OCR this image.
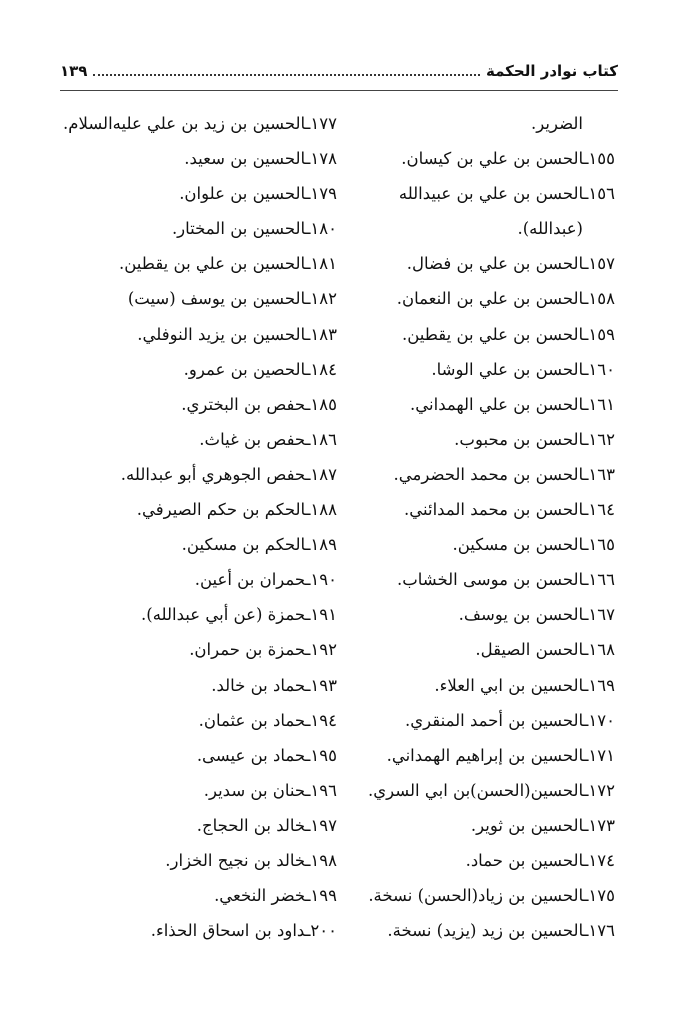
كتاب نوادر الحكمة
١٣٩
الضرير.
١٥٥ـالحسن بن علي بن كيسان.
١٥٦ـالحسن بن علي بن عبيدالله
(عبدالله).
١٥٧ـالحسن بن علي بن فضال.
١٥٨ـالحسن بن علي بن النعمان.
١٥٩ـالحسن بن علي بن يقطين.
١٦٠ـالحسن بن علي الوشا.
١٦١ـالحسن بن علي الهمداني.
١٦٢ـالحسن بن محبوب.
١٦٣ـالحسن بن محمد الحضرمي.
١٦٤ـالحسن بن محمد المدائني.
١٦٥ـالحسن بن مسكين.
١٦٦ـالحسن بن موسى الخشاب.
١٦٧ـالحسن بن يوسف.
١٦٨ـالحسن الصيقل.
١٦٩ـالحسين بن ابي العلاء.
١٧٠ـالحسين بن أحمد المنقري.
١٧١ـالحسين بن إبراهيم الهمداني.
١٧٢ـالحسين(الحسن)بن ابي السري.
١٧٣ـالحسين بن ثوير.
١٧٤ـالحسين بن حماد.
١٧٥ـالحسين بن زياد(الحسن) نسخة.
١٧٦ـالحسين بن زيد (يزيد) نسخة.
١٧٧ـالحسين بن زيد بن علي عليه‌السلام.
١٧٨ـالحسين بن سعيد.
١٧٩ـالحسين بن علوان.
١٨٠ـالحسين بن المختار.
١٨١ـالحسين بن علي بن يقطين.
١٨٢ـالحسين بن يوسف (سيت)
١٨٣ـالحسين بن يزيد النوفلي.
١٨٤ـالحصين بن عمرو.
١٨٥ـحفص بن البختري.
١٨٦ـحفص بن غياث.
١٨٧ـحفص الجوهري أبو عبدالله.
١٨٨ـالحكم بن حكم الصيرفي.
١٨٩ـالحكم بن مسكين.
١٩٠ـحمران بن أعين.
١٩١ـحمزة (عن أبي عبدالله).
١٩٢ـحمزة بن حمران.
١٩٣ـحماد بن خالد.
١٩٤ـحماد بن عثمان.
١٩٥ـحماد بن عيسى.
١٩٦ـحنان بن سدير.
١٩٧ـخالد بن الحجاج.
١٩٨ـخالد بن نجيح الخزار.
١٩٩ـخضر النخعي.
٢٠٠ـداود بن اسحاق الحذاء.
